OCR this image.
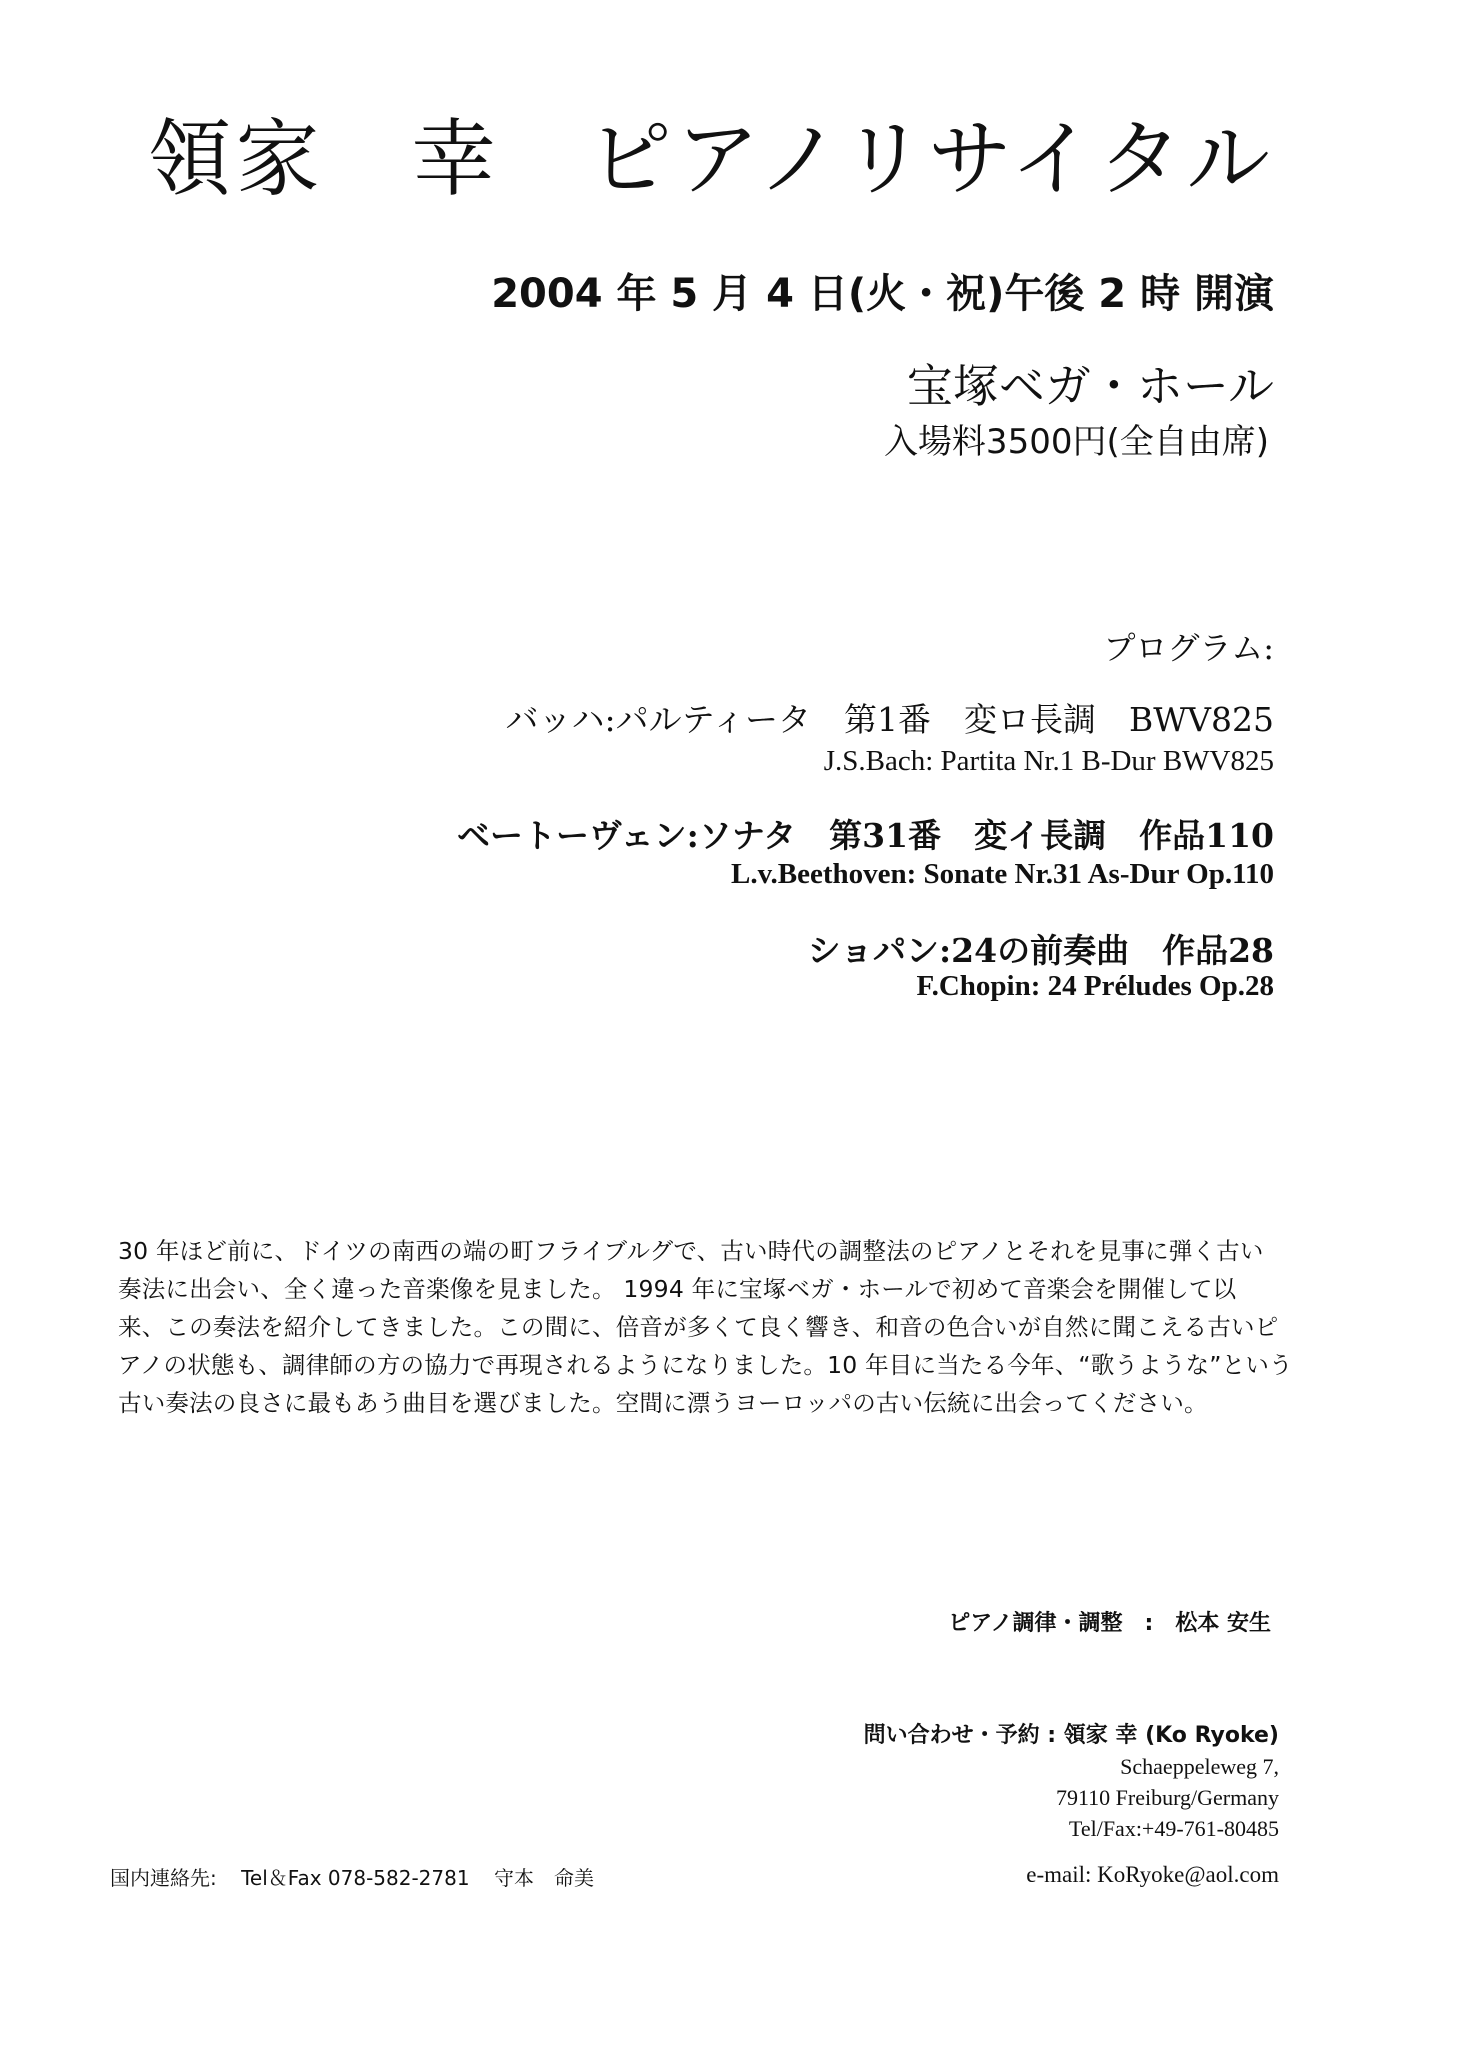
領家　幸　ピアノリサイタル
2004 年 5 月 4 日(火・祝)午後 2 時 開演
宝塚ベガ・ホール
入場料3500円(全自由席)
プログラム:
バッハ:パルティータ　第1番　変ロ長調　BWV825
J.S.Bach: Partita Nr.1 B-Dur BWV825
ベートーヴェン:ソナタ　第31番　変イ長調　作品110
L.v.Beethoven: Sonate Nr.31 As-Dur Op.110
ショパン:24の前奏曲　作品28
F.Chopin: 24 Préludes Op.28

30 年ほど前に、ドイツの南西の端の町フライブルグで、古い時代の調整法のピアノとそれを見事に弾く古い

奏法に出会い、全く違った音楽像を見ました。 1994 年に宝塚ベガ・ホールで初めて音楽会を開催して以

来、この奏法を紹介してきました。この間に、倍音が多くて良く響き、和音の色合いが自然に聞こえる古いピ

アノの状態も、調律師の方の協力で再現されるようになりました。10 年目に当たる今年、“歌うような”という

古い奏法の良さに最もあう曲目を選びました。空間に漂うヨーロッパの古い伝統に出会ってください。

ピアノ調律・調整 : 松本 安生
問い合わせ・予約 : 領家 幸 (Ko Ryoke)
Schaeppeleweg 7,
79110 Freiburg/Germany
Tel/Fax:+49-761-80485
国内連絡先: Tel＆Fax 078-582-2781 守本　命美	e-mail: KoRyoke@aol.com
